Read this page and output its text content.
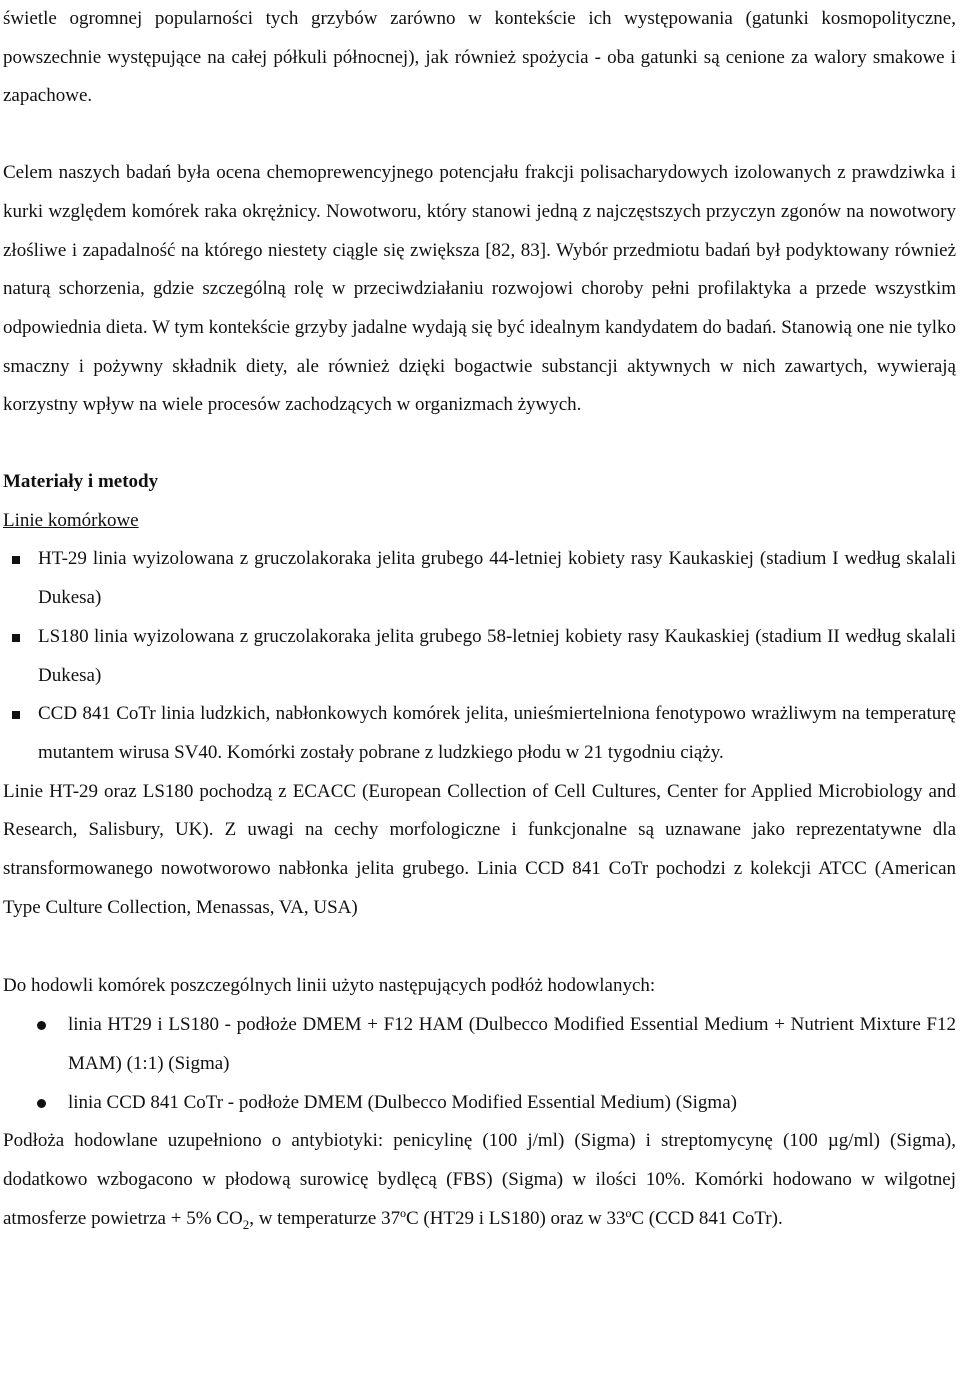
świetle ogromnej popularności tych grzybów zarówno w kontekście ich występowania (gatunki kosmopolityczne, powszechnie występujące na całej półkuli północnej), jak również spożycia - oba gatunki są cenione za walory smakowe i zapachowe.

Celem naszych badań była ocena chemoprewencyjnego potencjału frakcji polisacharydowych izolowanych z prawdziwka i kurki względem komórek raka okrężnicy. Nowotworu, który stanowi jedną z najczęstszych przyczyn zgonów na nowotwory złośliwe i zapadalność na którego niestety ciągle się zwiększa [82, 83]. Wybór przedmiotu badań był podyktowany również naturą schorzenia, gdzie szczególną rolę w przeciwdziałaniu rozwojowi choroby pełni profilaktyka a przede wszystkim odpowiednia dieta. W tym kontekście grzyby jadalne wydają się być idealnym kandydatem do badań. Stanowią one nie tylko smaczny i pożywny składnik diety, ale również dzięki bogactwie substancji aktywnych w nich zawartych, wywierają korzystny wpływ na wiele procesów zachodzących w organizmach żywych.

Materiały i metody

Linie komórkowe

HT-29 linia wyizolowana z gruczolakoraka jelita grubego 44-letniej kobiety rasy Kaukaskiej (stadium I według skalali Dukesa)
LS180 linia wyizolowana z gruczolakoraka jelita grubego 58-letniej kobiety rasy Kaukaskiej (stadium II według skalali Dukesa)
CCD 841 CoTr linia ludzkich, nabłonkowych komórek jelita, unieśmiertelniona fenotypowo wrażliwym na temperaturę mutantem wirusa SV40. Komórki zostały pobrane z ludzkiego płodu w 21 tygodniu ciąży.

Linie HT-29 oraz LS180 pochodzą z ECACC (European Collection of Cell Cultures, Center for Applied Microbiology and Research, Salisbury, UK). Z uwagi na cechy morfologiczne i funkcjonalne są uznawane jako reprezentatywne dla stransformowanego nowotworowo nabłonka jelita grubego. Linia CCD 841 CoTr pochodzi z kolekcji ATCC (American Type Culture Collection, Menassas, VA, USA)

Do hodowli komórek poszczególnych linii użyto następujących podłóż hodowlanych:

linia HT29 i LS180 - podłoże DMEM + F12 HAM (Dulbecco Modified Essential Medium + Nutrient Mixture F12 MAM) (1:1) (Sigma)
linia CCD 841 CoTr - podłoże DMEM (Dulbecco Modified Essential Medium) (Sigma)

Podłoża hodowlane uzupełniono o antybiotyki: penicylinę (100 j/ml) (Sigma) i streptomycynę (100 µg/ml) (Sigma), dodatkowo wzbogacono w płodową surowicę bydlęcą (FBS) (Sigma) w ilości 10%. Komórki hodowano w wilgotnej atmosferze powietrza + 5% $CO_2$, w temperaturze 37ºC (HT29 i LS180) oraz w 33ºC (CCD 841 CoTr).
